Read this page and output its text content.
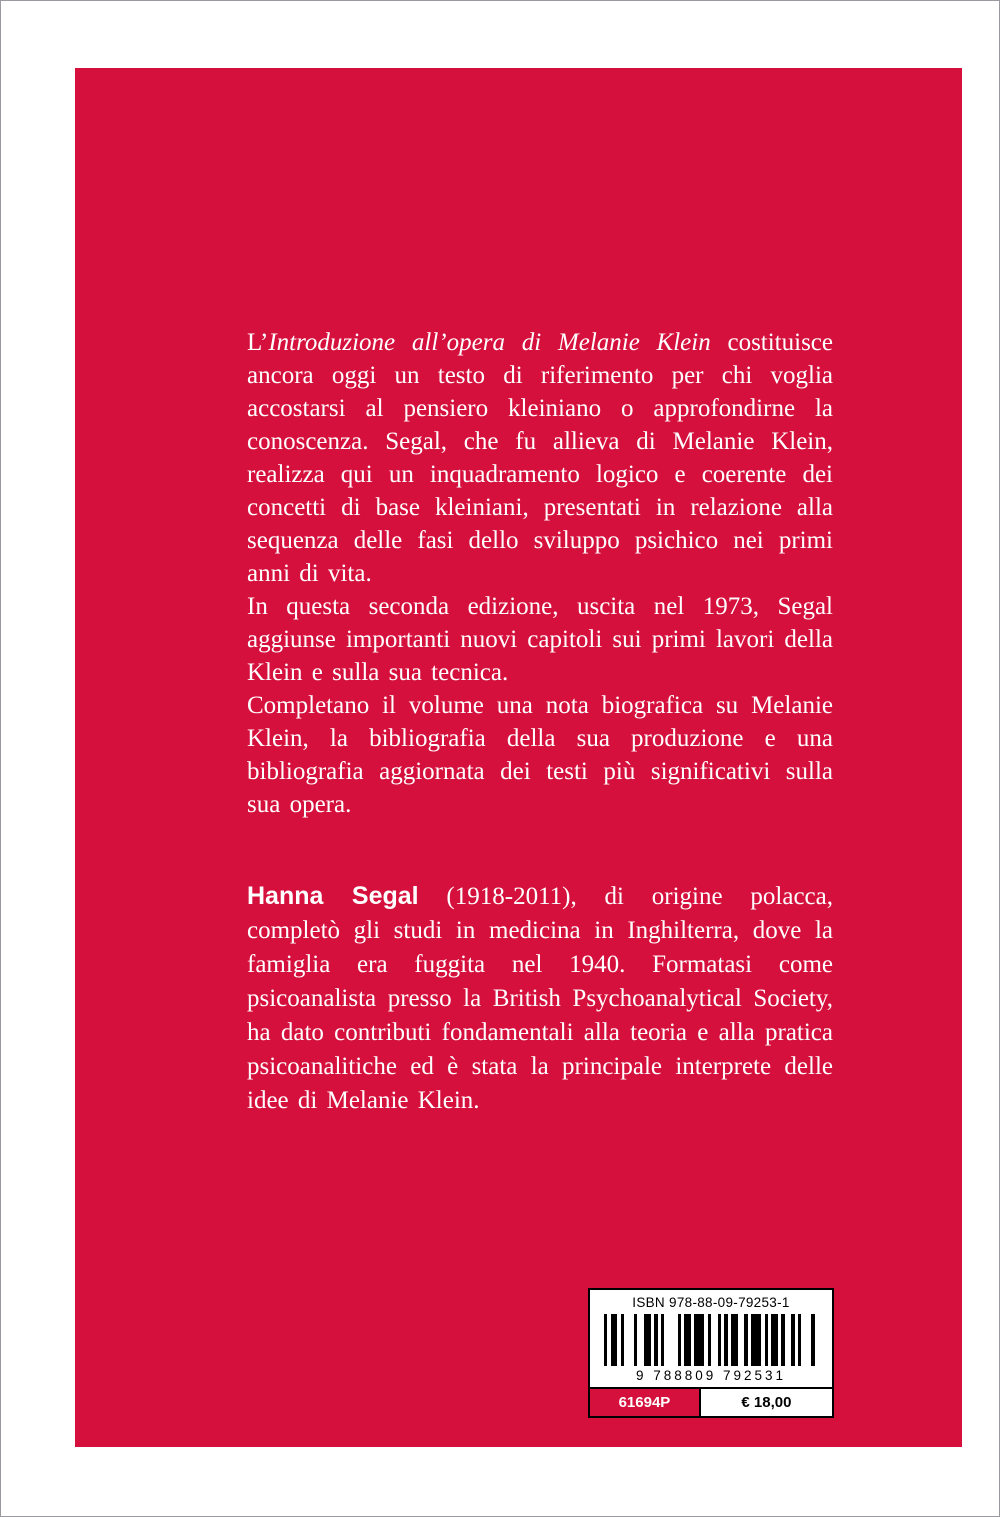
L’Introduzione all’opera di Melanie Klein costituisce ancora oggi un testo di riferimento per chi voglia accostarsi al pensiero kleiniano o approfondirne la conoscenza. Segal, che fu allieva di Melanie Klein, realizza qui un inquadramento logico e coerente dei concetti di base kleiniani, presentati in relazione alla sequenza delle fasi dello sviluppo psichico nei primi anni di vita.

In questa seconda edizione, uscita nel 1973, Segal aggiunse importanti nuovi capitoli sui primi lavori della Klein e sulla sua tecnica.

Completano il volume una nota biografica su Melanie Klein, la bibliografia della sua produzione e una bibliografia aggiornata dei testi più significativi sulla sua opera.

Hanna Segal (1918-2011), di origine polacca, completò gli studi in medicina in Inghilterra, dove la famiglia era fuggita nel 1940. Formatasi come psicoanalista presso la British Psychoanalytical Society, ha dato contributi fondamentali alla teoria e alla pratica psicoanalitiche ed è stata la principale interprete delle idee di Melanie Klein.

ISBN 978-88-09-79253-1
9 788809 792531
61694P	€ 18,00
